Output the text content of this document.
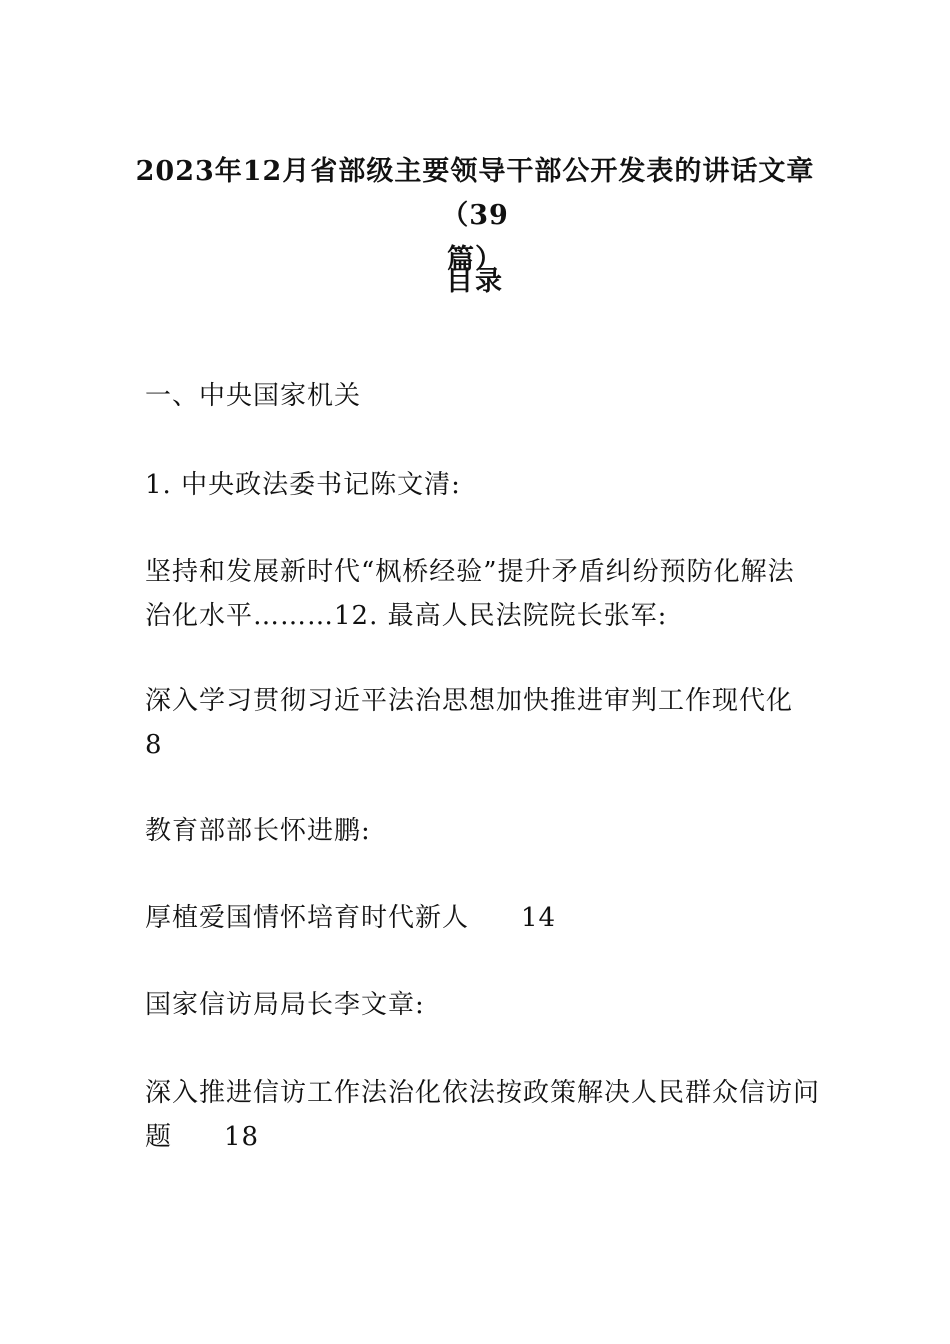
2023年12月省部级主要领导干部公开发表的讲话文章（39
篇）
目录
一、中央国家机关
1. 中央政法委书记陈文清:
坚持和发展新时代“枫桥经验”提升矛盾纠纷预防化解法
治化水平………12. 最高人民法院院长张军:
深入学习贯彻习近平法治思想加快推进审判工作现代化
8
教育部部长怀进鹏:
厚植爱国情怀培育时代新人 14
国家信访局局长李文章:
深入推进信访工作法治化依法按政策解决人民群众信访问
题 18
